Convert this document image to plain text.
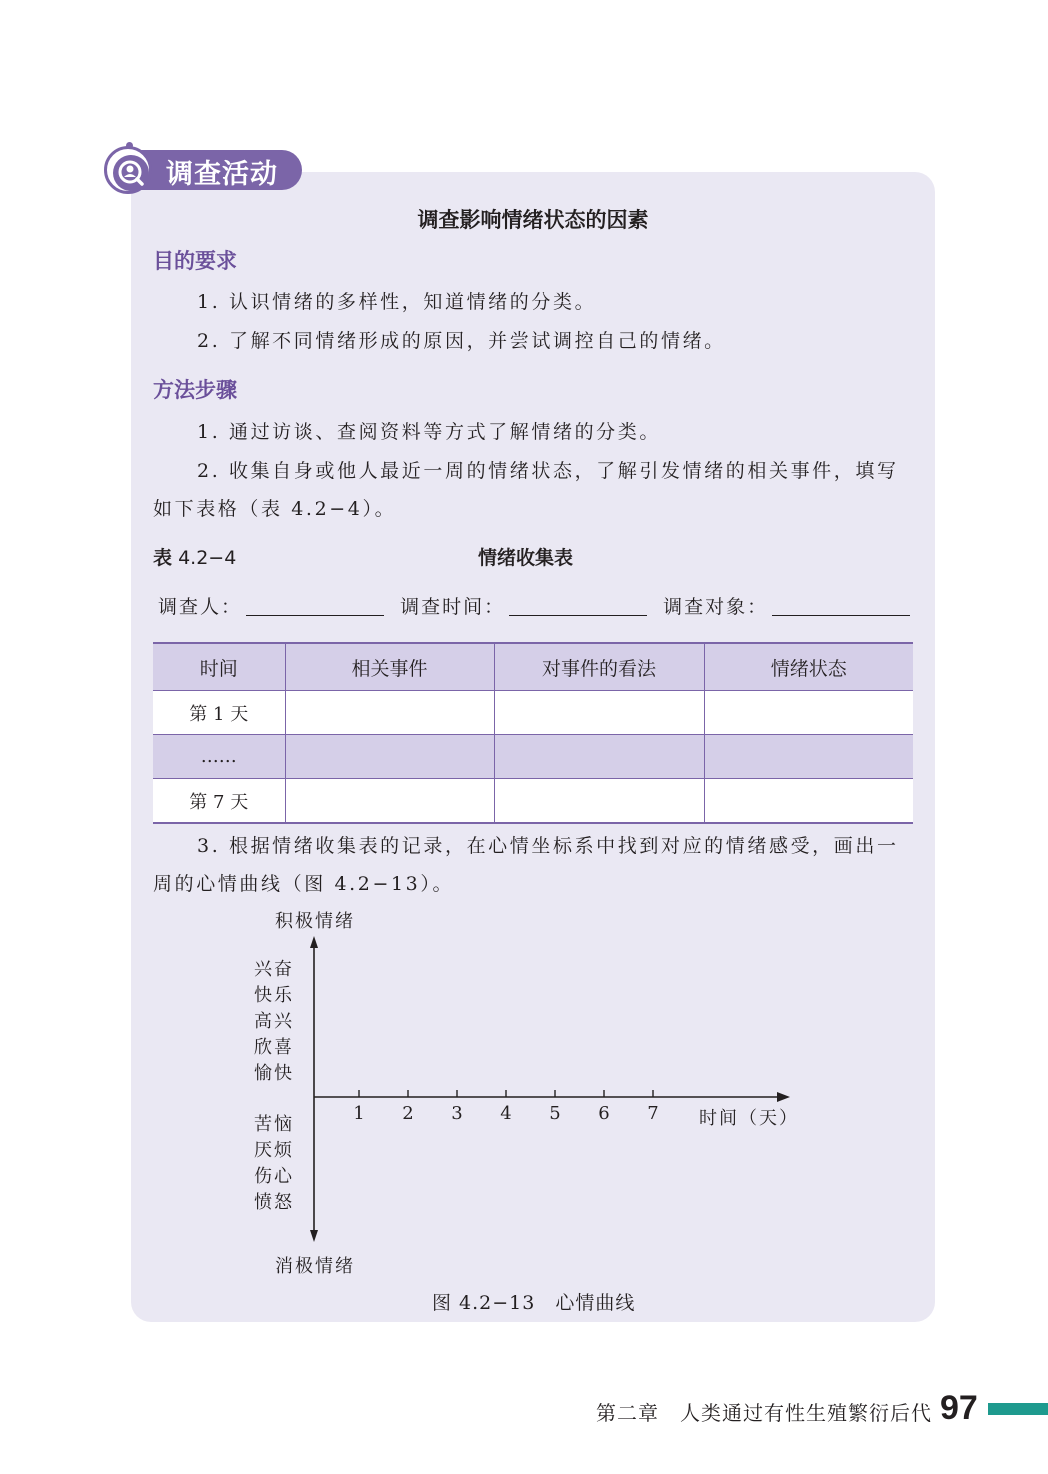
调查活动
调查影响情绪状态的因素
目的要求
1. 认识情绪的多样性，知道情绪的分类。
2. 了解不同情绪形成的原因，并尝试调控自己的情绪。
方法步骤
1. 通过访谈、查阅资料等方式了解情绪的分类。
2. 收集自身或他人最近一周的情绪状态，了解引发情绪的相关事件，填写
如下表格（表 4.2−4）。
表 4.2−4	情绪收集表
调查人：	调查时间：	调查对象：
时间	相关事件	对事件的看法	情绪状态
第 1 天			
……			
第 7 天			
3. 根据情绪收集表的记录，在心情坐标系中找到对应的情绪感受，画出一
周的心情曲线（图 4.2−13）。
积极情绪
消极情绪
兴奋
快乐
高兴
欣喜
愉快
苦恼
厌烦
伤心
愤怒
1 2 3 4 5 6 7 时间（天）
图 4.2−13　心情曲线
第二章　人类通过有性生殖繁衍后代 97
